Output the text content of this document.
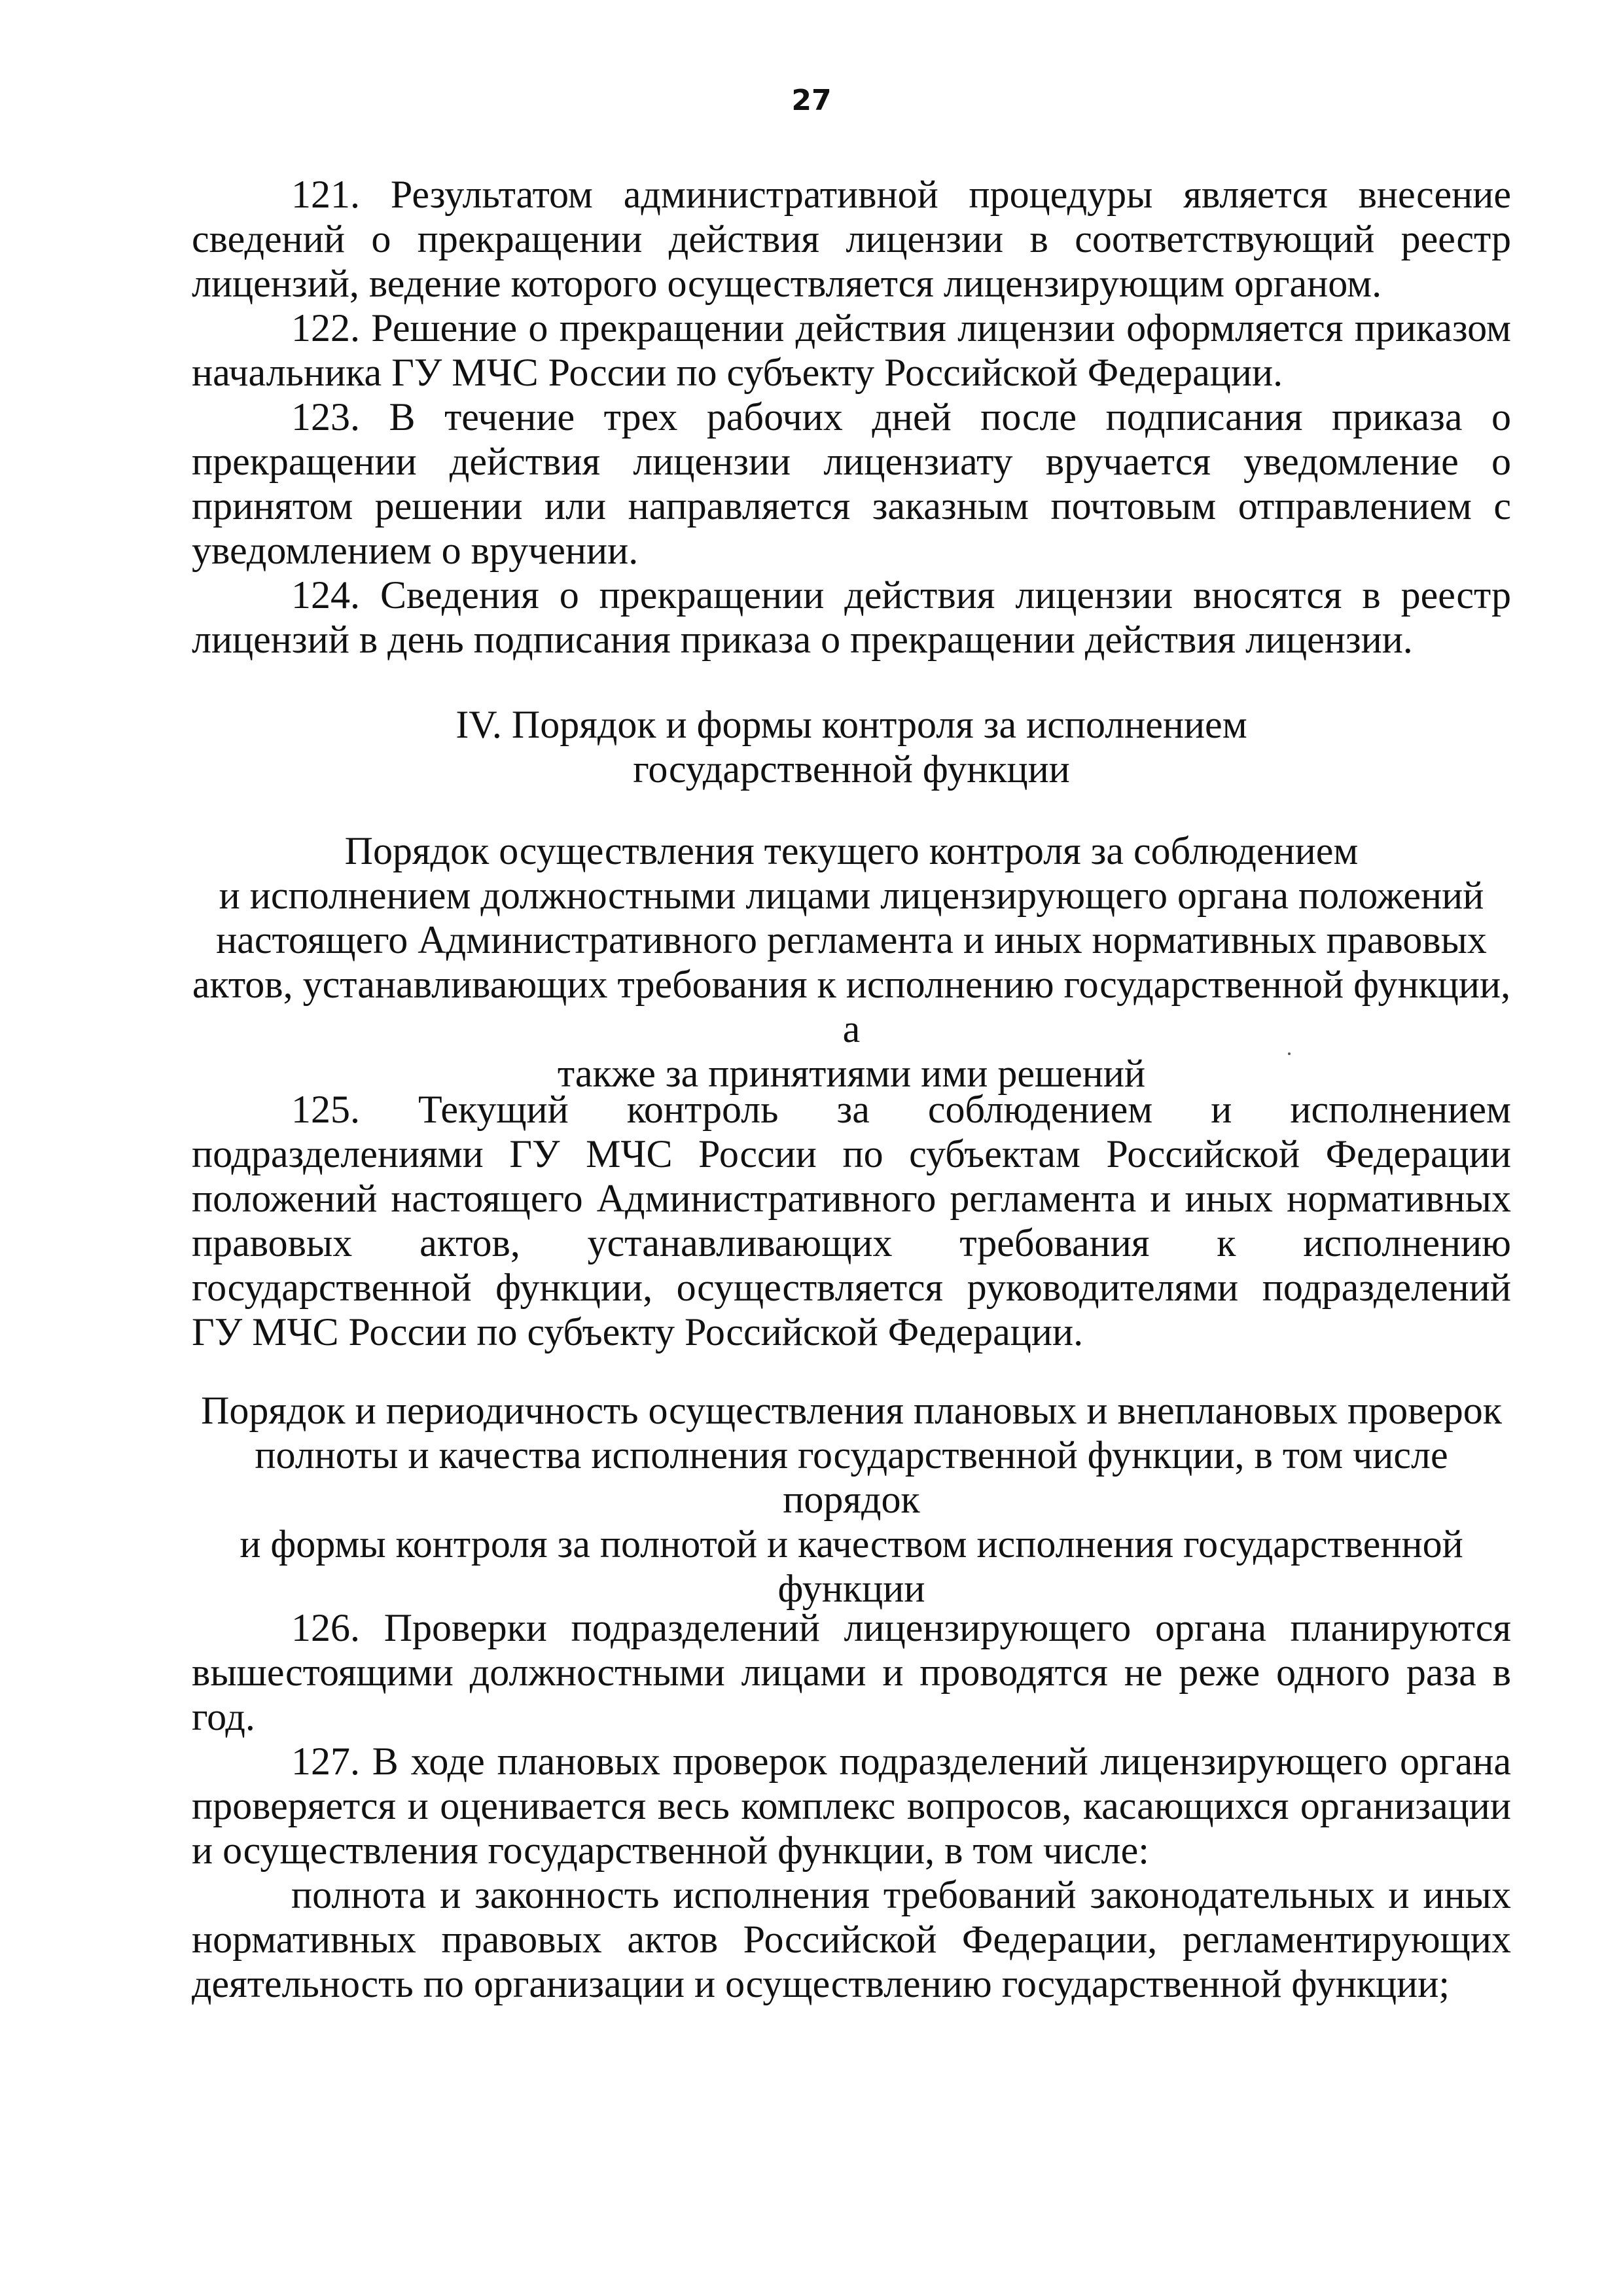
27

121. Результатом административной процедуры является внесение сведений о прекращении действия лицензии в соответствующий реестр лицензий, ведение которого осуществляется лицензирующим органом.

122. Решение о прекращении действия лицензии оформляется приказом начальника ГУ МЧС России по субъекту Российской Федерации.

123. В течение трех рабочих дней после подписания приказа о прекращении действия лицензии лицензиату вручается уведомление о принятом решении или направляется заказным почтовым отправлением с уведомлением о вручении.

124. Сведения о прекращении действия лицензии вносятся в реестр лицензий в день подписания приказа о прекращении действия лицензии.

IV. Порядок и формы контроля за исполнением

государственной функции

Порядок осуществления текущего контроля за соблюдением

и исполнением должностными лицами лицензирующего органа положений

настоящего Административного регламента и иных нормативных правовых

актов, устанавливающих требования к исполнению государственной функции, а

также за принятиями ими решений

125. Текущий контроль за соблюдением и исполнением подразделениями ГУ МЧС России по субъектам Российской Федерации положений настоящего Административного регламента и иных нормативных правовых актов, устанавливающих требования к исполнению государственной функции, осуществляется руководителями подразделений ГУ МЧС России по субъекту Российской Федерации.

Порядок и периодичность осуществления плановых и внеплановых проверок

полноты и качества исполнения государственной функции, в том числе порядок

и формы контроля за полнотой и качеством исполнения государственной

функции

126. Проверки подразделений лицензирующего органа планируются вышестоящими должностными лицами и проводятся не реже одного раза в год.

127. В ходе плановых проверок подразделений лицензирующего органа проверяется и оценивается весь комплекс вопросов, касающихся организации и осуществления государственной функции, в том числе:

полнота и законность исполнения требований законодательных и иных нормативных правовых актов Российской Федерации, регламентирующих деятельность по организации и осуществлению государственной функции;
